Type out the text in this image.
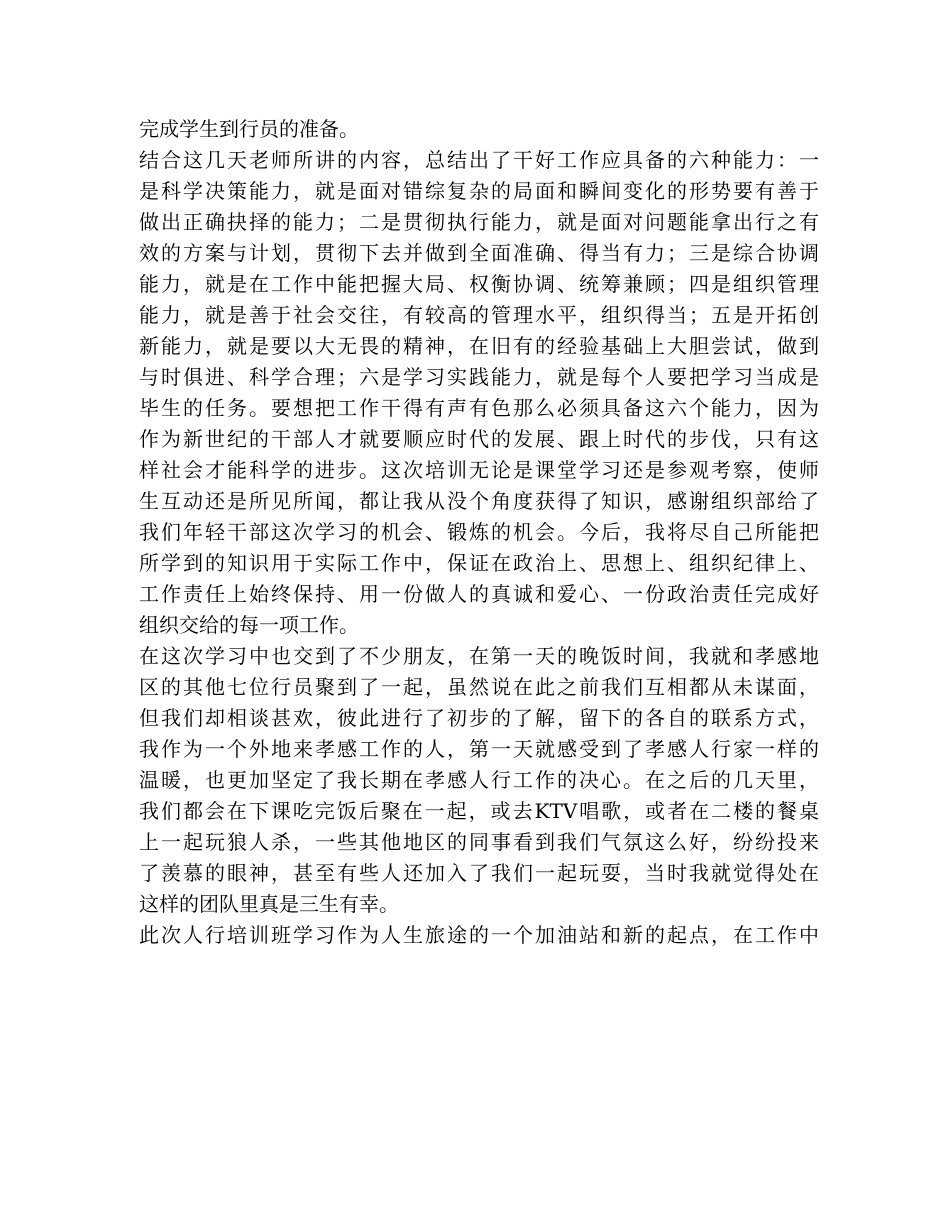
完成学生到行员的准备。
结合这几天老师所讲的内容，总结出了干好工作应具备的六种能力：一
是科学决策能力，就是面对错综复杂的局面和瞬间变化的形势要有善于
做出正确抉择的能力；二是贯彻执行能力，就是面对问题能拿出行之有
效的方案与计划，贯彻下去并做到全面准确、得当有力；三是综合协调
能力，就是在工作中能把握大局、权衡协调、统筹兼顾；四是组织管理
能力，就是善于社会交往，有较高的管理水平，组织得当；五是开拓创
新能力，就是要以大无畏的精神，在旧有的经验基础上大胆尝试，做到
与时俱进、科学合理；六是学习实践能力，就是每个人要把学习当成是
毕生的任务。要想把工作干得有声有色那么必须具备这六个能力，因为
作为新世纪的干部人才就要顺应时代的发展、跟上时代的步伐，只有这
样社会才能科学的进步。这次培训无论是课堂学习还是参观考察，使师
生互动还是所见所闻，都让我从没个角度获得了知识，感谢组织部给了
我们年轻干部这次学习的机会、锻炼的机会。今后，我将尽自己所能把
所学到的知识用于实际工作中，保证在政治上、思想上、组织纪律上、
工作责任上始终保持、用一份做人的真诚和爱心、一份政治责任完成好
组织交给的每一项工作。
在这次学习中也交到了不少朋友，在第一天的晚饭时间，我就和孝感地
区的其他七位行员聚到了一起，虽然说在此之前我们互相都从未谋面，
但我们却相谈甚欢，彼此进行了初步的了解，留下的各自的联系方式，
我作为一个外地来孝感工作的人，第一天就感受到了孝感人行家一样的
温暖，也更加坚定了我长期在孝感人行工作的决心。在之后的几天里，
我们都会在下课吃完饭后聚在一起，或去KTV唱歌，或者在二楼的餐桌
上一起玩狼人杀，一些其他地区的同事看到我们气氛这么好，纷纷投来
了羡慕的眼神，甚至有些人还加入了我们一起玩耍，当时我就觉得处在
这样的团队里真是三生有幸。
此次人行培训班学习作为人生旅途的一个加油站和新的起点，在工作中
